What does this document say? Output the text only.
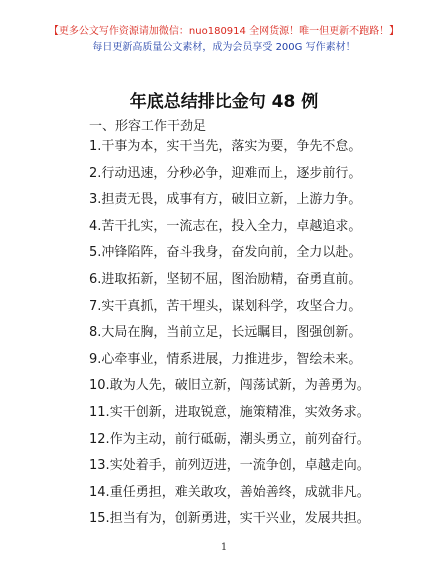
【更多公文写作资源请加微信：nuo180914 全网货源！唯一但更新不跑路！】
每日更新高质量公文素材，成为会员享受 200G 写作素材！
年底总结排比金句 48 例
一、形容工作干劲足
1.干事为本，实干当先，落实为要，争先不怠。
2.行动迅速，分秒必争，迎难而上，逐步前行。
3.担责无畏，成事有方，破旧立新，上游力争。
4.苦干扎实，一流志在，投入全力，卓越追求。
5.冲锋陷阵，奋斗我身，奋发向前，全力以赴。
6.进取拓新，坚韧不屈，图治励精，奋勇直前。
7.实干真抓，苦干埋头，谋划科学，攻坚合力。
8.大局在胸，当前立足，长远瞩目，图强创新。
9.心牵事业，情系进展，力推进步，智绘未来。
10.敢为人先，破旧立新，闯荡试新，为善勇为。
11.实干创新，进取锐意，施策精准，实效务求。
12.作为主动，前行砥砺，潮头勇立，前列奋行。
13.实处着手，前列迈进，一流争创，卓越走向。
14.重任勇担，难关敢攻，善始善终，成就非凡。
15.担当有为，创新勇进，实干兴业，发展共担。
1
